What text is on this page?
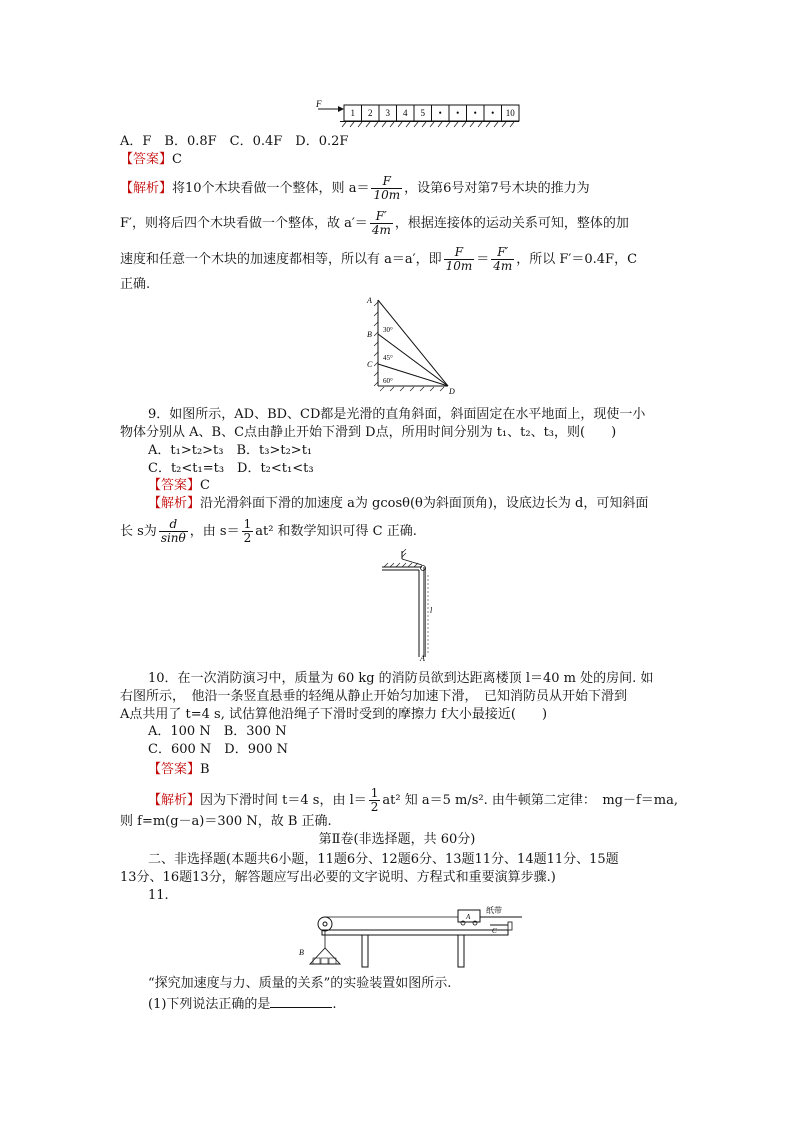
F
1 2 3 4 5 • • • • 10
A．F　B．0.8F　C．0.4F　D．0.2F
【答案】C
【解析】将10个木块看做一个整体，则 $a= \frac{F}{10m}$ ，设第6号对第7号木块的推力为
F′，则将后四个木块看做一个整体，故 $a'= \frac{F'}{4m}$ ，根据连接体的运动关系可知，整体的加
速度和任意一个木块的加速度都相等，所以有 a＝a′，即 $\frac{F}{10m} = \frac{F'}{4m}$ ，所以 F′＝0.4F，C
正确.
A
B
C
D
30°
45°
60°
9．如图所示，AD、BD、CD都是光滑的直角斜面，斜面固定在水平地面上，现使一小
物体分别从 A、B、C点由静止开始下滑到 D点，所用时间分别为 t₁、t₂、t₃，则(　　)
A．t₁>t₂>t₃　B．t₃>t₂>t₁
C．t₂<t₁=t₃　D．t₂<t₁<t₃
【答案】C
【解析】沿光滑斜面下滑的加速度 a为 gcosθ(θ为斜面顶角)，设底边长为 d，可知斜面
长 s为 $\frac{d}{\sin\theta}$ ，由 $s= \frac{1}{2} at^2$ 和数学知识可得 C 正确.
l
A
10．在一次消防演习中，质量为 60 kg 的消防员欲到达距离楼顶 l＝40 m 处的房间. 如
右图所示，　他沿一条竖直悬垂的轻绳从静止开始匀加速下滑，　已知消防员从开始下滑到
A点共用了 t=4 s, 试估算他沿绳子下滑时受到的摩擦力 f大小最接近(　　)
A．100 N　B．300 N
C．600 N　D．900 N
【答案】B
【解析】因为下滑时间 t＝4 s，由 $l= \frac{1}{2} at^2$ 知 a＝5 m/s². 由牛顿第二定律：　mg－f＝ma,
则 f=m(g－a)＝300 N，故 B 正确.
第Ⅱ卷(非选择题，共 60分)
二、非选择题(本题共6小题，11题6分、12题6分、13题11分、14题11分、15题
13分、16题13分，解答题应写出必要的文字说明、方程式和重要演算步骤.)
11.
纸带
A
B
C
“探究加速度与力、质量的关系”的实验装置如图所示.
(1)下列说法正确的是	.
